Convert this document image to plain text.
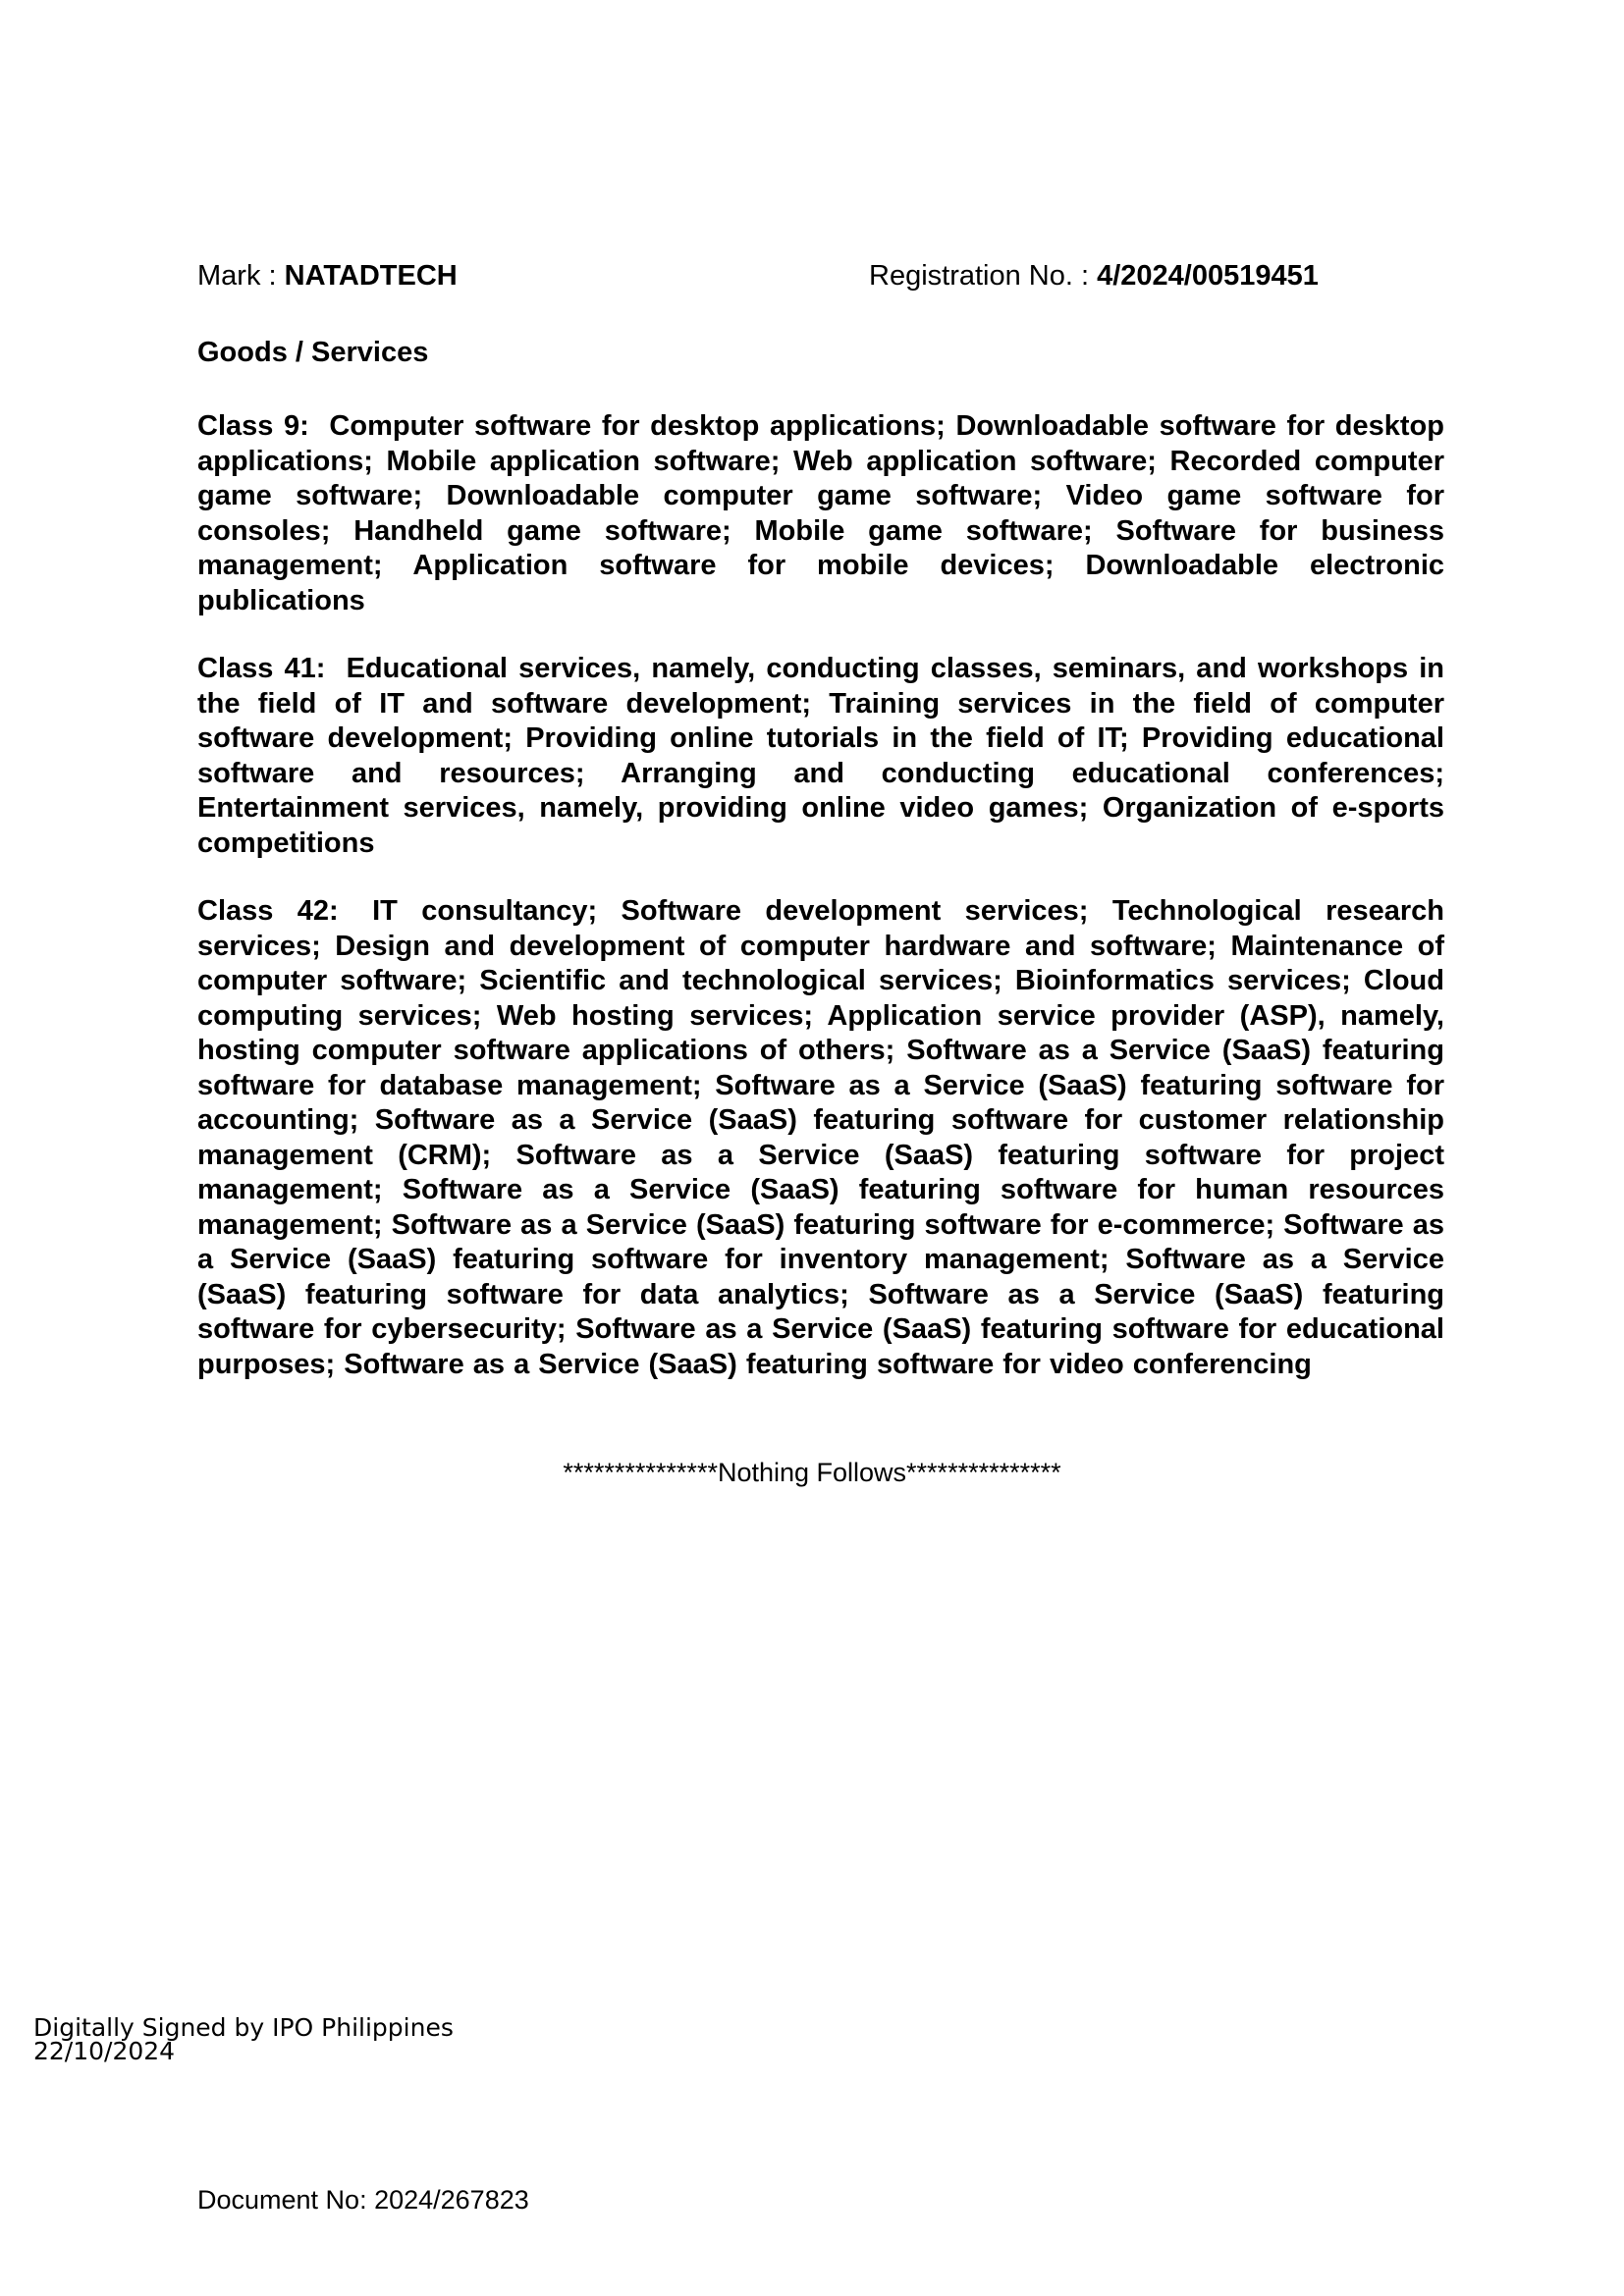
Mark : NATADTECH	Registration No. : 4/2024/00519451
Goods / Services

Class 9: Computer software for desktop applications; Downloadable software for desktop applications; Mobile application software; Web application software; Recorded computer game software; Downloadable computer game software; Video game software for consoles; Handheld game software; Mobile game software; Software for business management; Application software for mobile devices; Downloadable electronic publications

Class 41: Educational services, namely, conducting classes, seminars, and workshops in the field of IT and software development; Training services in the field of computer software development; Providing online tutorials in the field of IT; Providing educational software and resources; Arranging and conducting educational conferences; Entertainment services, namely, providing online video games; Organization of e-sports competitions

Class 42: IT consultancy; Software development services; Technological research services; Design and development of computer hardware and software; Maintenance of computer software; Scientific and technological services; Bioinformatics services; Cloud computing services; Web hosting services; Application service provider (ASP), namely, hosting computer software applications of others; Software as a Service (SaaS) featuring software for database management; Software as a Service (SaaS) featuring software for accounting; Software as a Service (SaaS) featuring software for customer relationship management (CRM); Software as a Service (SaaS) featuring software for project management; Software as a Service (SaaS) featuring software for human resources management; Software as a Service (SaaS) featuring software for e-commerce; Software as a Service (SaaS) featuring software for inventory management; Software as a Service (SaaS) featuring software for data analytics; Software as a Service (SaaS) featuring software for cybersecurity; Software as a Service (SaaS) featuring software for educational purposes; Software as a Service (SaaS) featuring software for video conferencing

***************Nothing Follows***************
Digitally Signed by IPO Philippines
22/10/2024
Document No: 2024/267823
